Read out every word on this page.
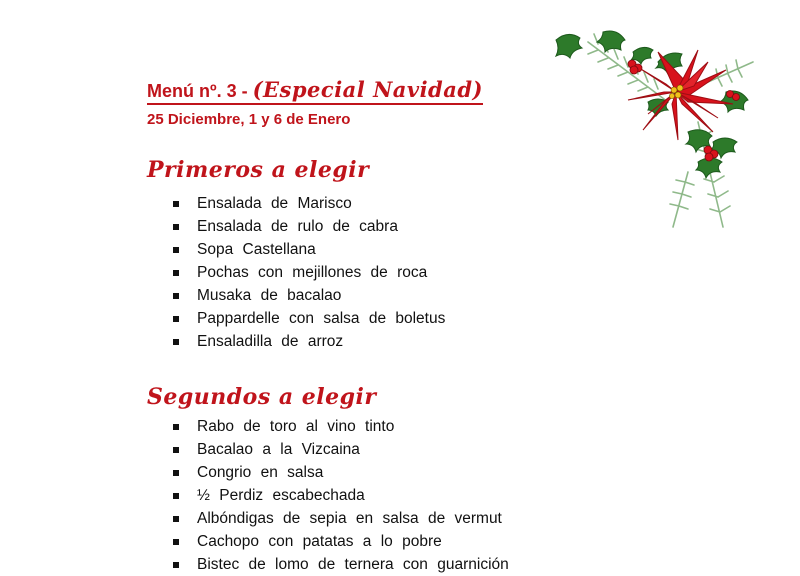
Menú nº. 3 - (Especial Navidad)
25 Diciembre, 1 y 6 de Enero
Primeros a elegir
Ensalada de Marisco
Ensalada de rulo de cabra
Sopa Castellana
Pochas con mejillones de roca
Musaka de bacalao
Pappardelle con salsa de boletus
Ensaladilla de arroz
Segundos a elegir
Rabo de toro al vino tinto
Bacalao a la Vizcaina
Congrio en salsa
½ Perdiz escabechada
Albóndigas de sepia en salsa de vermut
Cachopo con patatas a lo pobre
Bistec de lomo de ternera con guarnición
